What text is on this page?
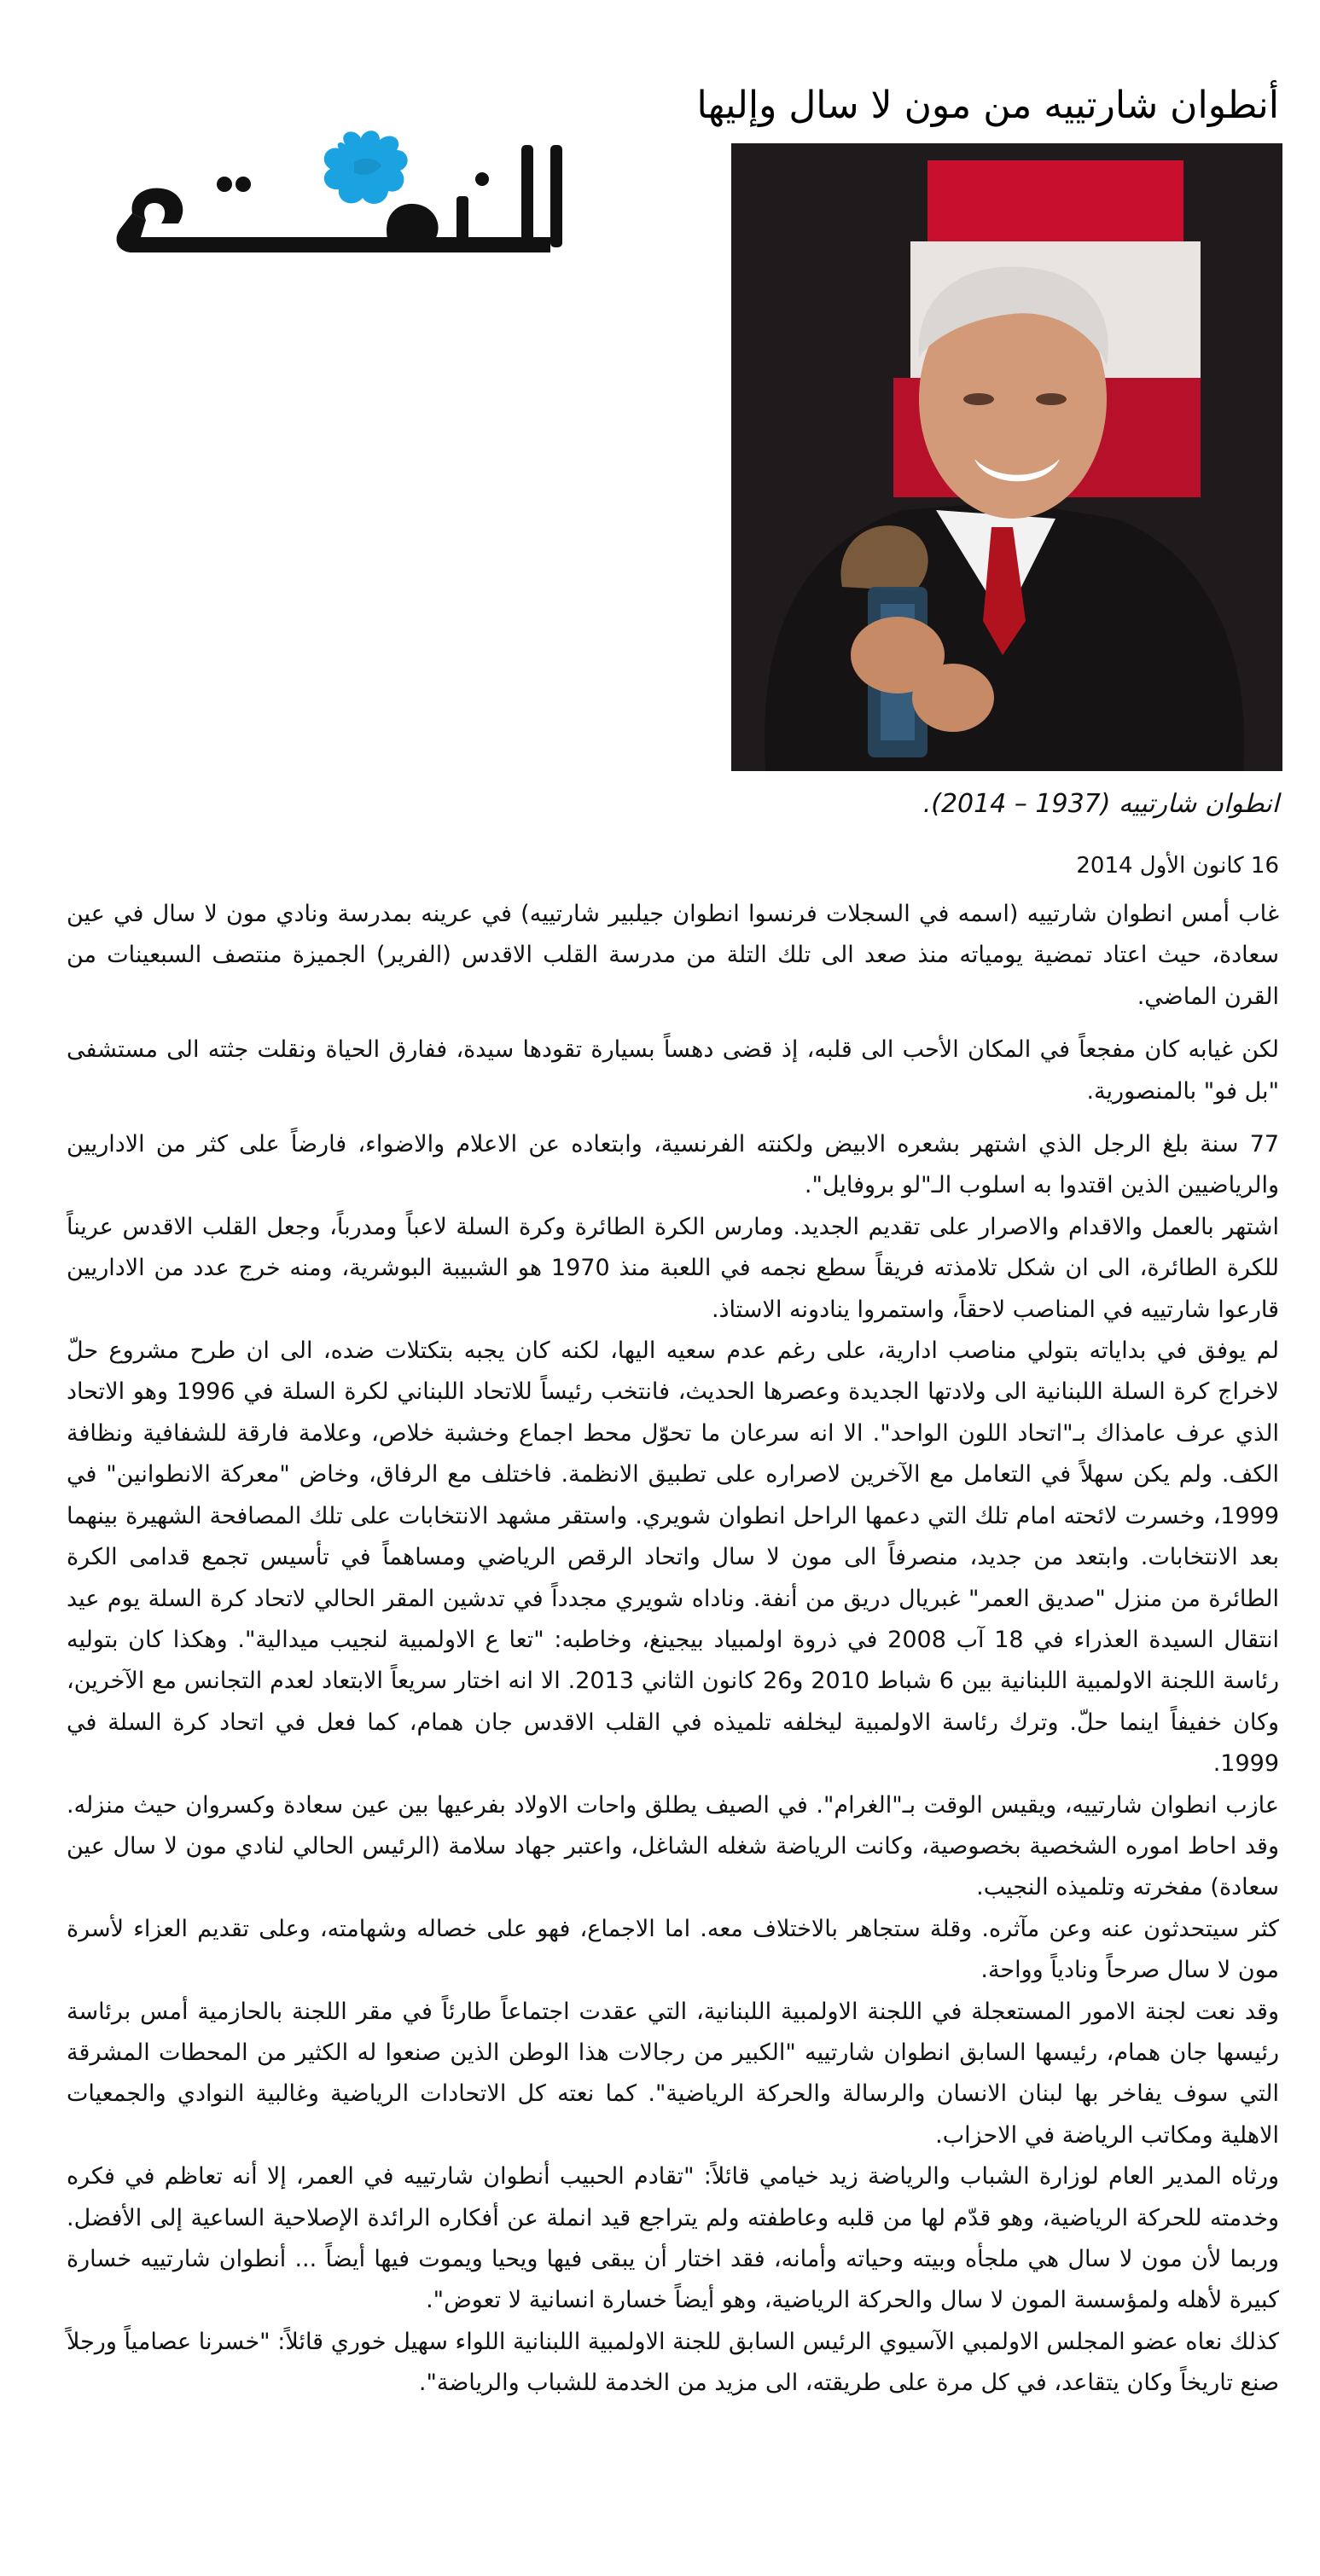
أنطوان شارتييه من مون لا سال وإليها
النهار
انطوان شارتييه (1937 – 2014).
16 كانون الأول 2014

غاب أمس انطوان شارتييه (اسمه في السجلات فرنسوا انطوان جيلبير شارتييه) في عرينه بمدرسة ونادي مون لا سال في عين سعادة، حيث اعتاد تمضية يومياته منذ صعد الى تلك التلة من مدرسة القلب الاقدس (الفرير) الجميزة منتصف السبعينات من القرن الماضي.

لكن غيابه كان مفجعاً في المكان الأحب الى قلبه، إذ قضى دهساً بسيارة تقودها سيدة، ففارق الحياة ونقلت جثته الى مستشفى "بل فو" بالمنصورية.

77 سنة بلغ الرجل الذي اشتهر بشعره الابيض ولكنته الفرنسية، وابتعاده عن الاعلام والاضواء، فارضاً على كثر من الاداريين والرياضيين الذين اقتدوا به اسلوب الـ"لو بروفايل".

اشتهر بالعمل والاقدام والاصرار على تقديم الجديد. ومارس الكرة الطائرة وكرة السلة لاعباً ومدرباً، وجعل القلب الاقدس عريناً للكرة الطائرة، الى ان شكل تلامذته فريقاً سطع نجمه في اللعبة منذ 1970 هو الشبيبة البوشرية، ومنه خرج عدد من الاداريين قارعوا شارتييه في المناصب لاحقاً، واستمروا ينادونه الاستاذ.

لم يوفق في بداياته بتولي مناصب ادارية، على رغم عدم سعيه اليها، لكنه كان يجبه بتكتلات ضده، الى ان طرح مشروع حلّ لاخراج كرة السلة اللبنانية الى ولادتها الجديدة وعصرها الحديث، فانتخب رئيساً للاتحاد اللبناني لكرة السلة في 1996 وهو الاتحاد الذي عرف عامذاك بـ"اتحاد اللون الواحد". الا انه سرعان ما تحوّل محط اجماع وخشبة خلاص، وعلامة فارقة للشفافية ونظافة الكف. ولم يكن سهلاً في التعامل مع الآخرين لاصراره على تطبيق الانظمة. فاختلف مع الرفاق، وخاض "معركة الانطوانين" في 1999، وخسرت لائحته امام تلك التي دعمها الراحل انطوان شويري. واستقر مشهد الانتخابات على تلك المصافحة الشهيرة بينهما بعد الانتخابات. وابتعد من جديد، منصرفاً الى مون لا سال واتحاد الرقص الرياضي ومساهماً في تأسيس تجمع قدامى الكرة الطائرة من منزل "صديق العمر" غبريال دريق من أنفة. وناداه شويري مجدداً في تدشين المقر الحالي لاتحاد كرة السلة يوم عيد انتقال السيدة العذراء في 18 آب 2008 في ذروة اولمبياد بيجينغ، وخاطبه: "تعا ع الاولمبية لنجيب ميدالية". وهكذا كان بتوليه رئاسة اللجنة الاولمبية اللبنانية بين 6 شباط 2010 و26 كانون الثاني 2013. الا انه اختار سريعاً الابتعاد لعدم التجانس مع الآخرين، وكان خفيفاً اينما حلّ. وترك رئاسة الاولمبية ليخلفه تلميذه في القلب الاقدس جان همام، كما فعل في اتحاد كرة السلة في 1999.

عازب انطوان شارتييه، ويقيس الوقت بـ"الغرام". في الصيف يطلق واحات الاولاد بفرعيها بين عين سعادة وكسروان حيث منزله. وقد احاط اموره الشخصية بخصوصية، وكانت الرياضة شغله الشاغل، واعتبر جهاد سلامة (الرئيس الحالي لنادي مون لا سال عين سعادة) مفخرته وتلميذه النجيب.

كثر سيتحدثون عنه وعن مآثره. وقلة ستجاهر بالاختلاف معه. اما الاجماع، فهو على خصاله وشهامته، وعلى تقديم العزاء لأسرة مون لا سال صرحاً ونادياً وواحة.

وقد نعت لجنة الامور المستعجلة في اللجنة الاولمبية اللبنانية، التي عقدت اجتماعاً طارئاً في مقر اللجنة بالحازمية أمس برئاسة رئيسها جان همام، رئيسها السابق انطوان شارتييه "الكبير من رجالات هذا الوطن الذين صنعوا له الكثير من المحطات المشرقة التي سوف يفاخر بها لبنان الانسان والرسالة والحركة الرياضية". كما نعته كل الاتحادات الرياضية وغالبية النوادي والجمعيات الاهلية ومكاتب الرياضة في الاحزاب.

ورثاه المدير العام لوزارة الشباب والرياضة زيد خيامي قائلاً: "تقادم الحبيب أنطوان شارتييه في العمر، إلا أنه تعاظم في فكره وخدمته للحركة الرياضية، وهو قدّم لها من قلبه وعاطفته ولم يتراجع قيد انملة عن أفكاره الرائدة الإصلاحية الساعية إلى الأفضل. وربما لأن مون لا سال هي ملجأه وبيته وحياته وأمانه، فقد اختار أن يبقى فيها ويحيا ويموت فيها أيضاً ... أنطوان شارتييه خسارة كبيرة لأهله ولمؤسسة المون لا سال والحركة الرياضية، وهو أيضاً خسارة انسانية لا تعوض".

كذلك نعاه عضو المجلس الاولمبي الآسيوي الرئيس السابق للجنة الاولمبية اللبنانية اللواء سهيل خوري قائلاً: "خسرنا عصامياً ورجلاً صنع تاريخاً وكان يتقاعد، في كل مرة على طريقته، الى مزيد من الخدمة للشباب والرياضة".
